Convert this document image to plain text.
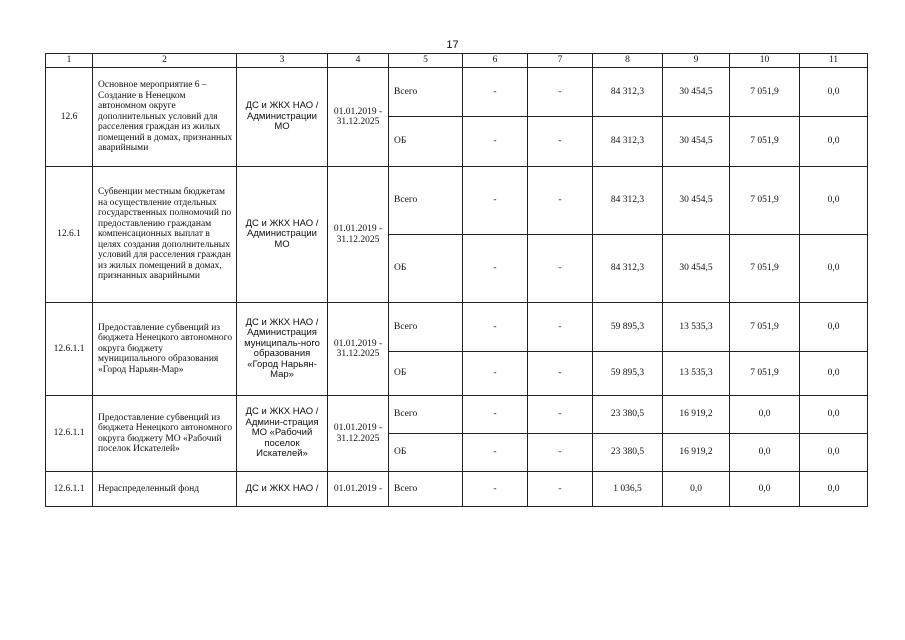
17
1	2	3	4	5	6	7	8	9	10	11
12.6	Основное мероприятие 6 – Создание в Ненецком автономном округе дополнительных условий для расселения граждан из жилых помещений в домах, признанных аварийными	ДС и ЖКХ НАО / Администрации МО	01.01.2019 - 31.12.2025	Всего	-	-	84 312,3	30 454,5	7 051,9	0,0
				ОБ	-	-	84 312,3	30 454,5	7 051,9	0,0
12.6.1	Субвенции местным бюджетам на осуществление отдельных государственных полномочий по предоставлению гражданам компенсационных выплат в целях создания дополнительных условий для расселения граждан из жилых помещений в домах, признанных аварийными	ДС и ЖКХ НАО / Администрации МО	01.01.2019 - 31.12.2025	Всего	-	-	84 312,3	30 454,5	7 051,9	0,0
				ОБ	-	-	84 312,3	30 454,5	7 051,9	0,0
12.6.1.1	Предоставление субвенций из бюджета Ненецкого автономного округа бюджету муниципального образования «Город Нарьян-Мар»	ДС и ЖКХ НАО / Администрация муниципаль-ного образования «Город Нарьян-Мар»	01.01.2019 - 31.12.2025	Всего	-	-	59 895,3	13 535,3	7 051,9	0,0
				ОБ	-	-	59 895,3	13 535,3	7 051,9	0,0
12.6.1.1	Предоставление субвенций из бюджета Ненецкого автономного округа бюджету МО «Рабочий поселок Искателей»	ДС и ЖКХ НАО / Админи-страция МО «Рабочий поселок Искателей»	01.01.2019 - 31.12.2025	Всего	-	-	23 380,5	16 919,2	0,0	0,0
				ОБ	-	-	23 380,5	16 919,2	0,0	0,0
12.6.1.1	Нераспределенный фонд	ДС и ЖКХ НАО /	01.01.2019 -	Всего	-	-	1 036,5	0,0	0,0	0,0
